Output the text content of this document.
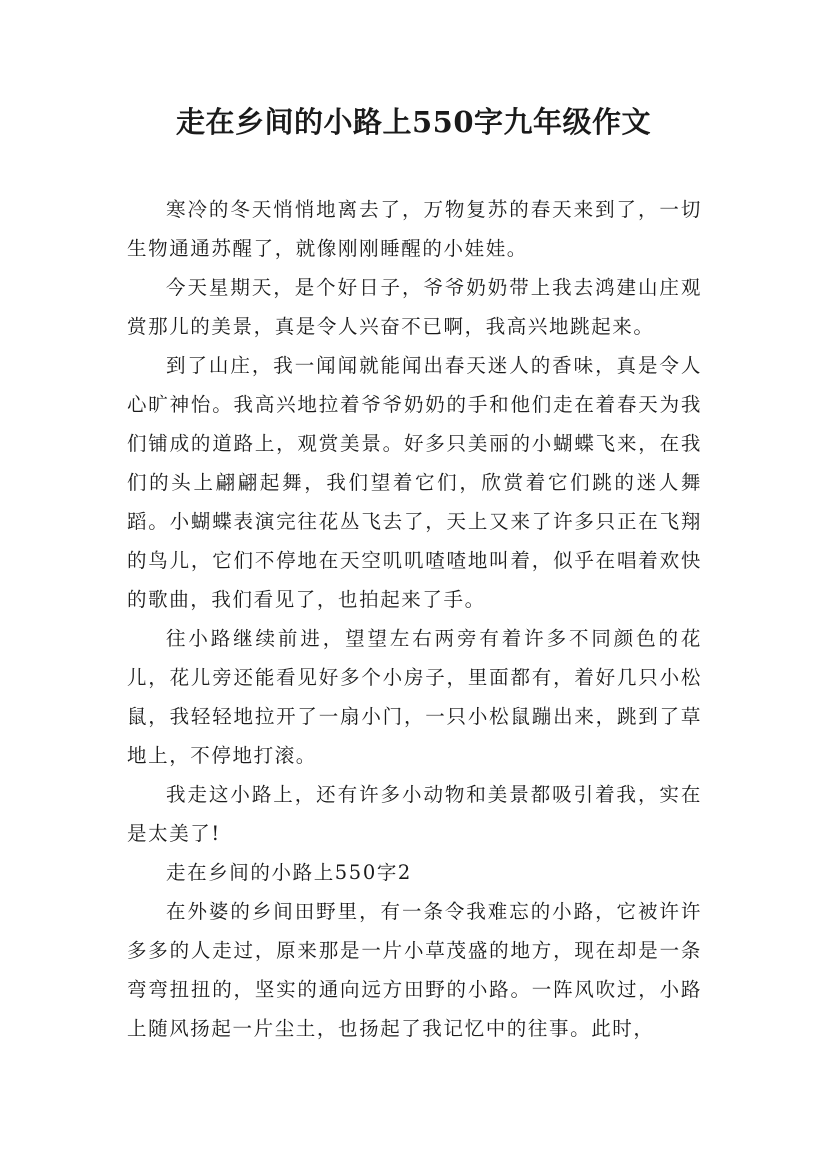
走在乡间的小路上550字九年级作文

寒冷的冬天悄悄地离去了，万物复苏的春天来到了，一切生物通通苏醒了，就像刚刚睡醒的小娃娃。

今天星期天，是个好日子，爷爷奶奶带上我去鸿建山庄观赏那儿的美景，真是令人兴奋不已啊，我高兴地跳起来。

到了山庄，我一闻闻就能闻出春天迷人的香味，真是令人心旷神怡。我高兴地拉着爷爷奶奶的手和他们走在着春天为我们铺成的道路上，观赏美景。好多只美丽的小蝴蝶飞来，在我们的头上翩翩起舞，我们望着它们，欣赏着它们跳的迷人舞蹈。小蝴蝶表演完往花丛飞去了，天上又来了许多只正在飞翔的鸟儿，它们不停地在天空叽叽喳喳地叫着，似乎在唱着欢快的歌曲，我们看见了，也拍起来了手。

往小路继续前进，望望左右两旁有着许多不同颜色的花儿，花儿旁还能看见好多个小房子，里面都有，着好几只小松鼠，我轻轻地拉开了一扇小门，一只小松鼠蹦出来，跳到了草地上，不停地打滚。

我走这小路上，还有许多小动物和美景都吸引着我，实在是太美了!

走在乡间的小路上550字2

在外婆的乡间田野里，有一条令我难忘的小路，它被许许多多的人走过，原来那是一片小草茂盛的地方，现在却是一条弯弯扭扭的，坚实的通向远方田野的小路。一阵风吹过，小路上随风扬起一片尘土，也扬起了我记忆中的往事。此时，
